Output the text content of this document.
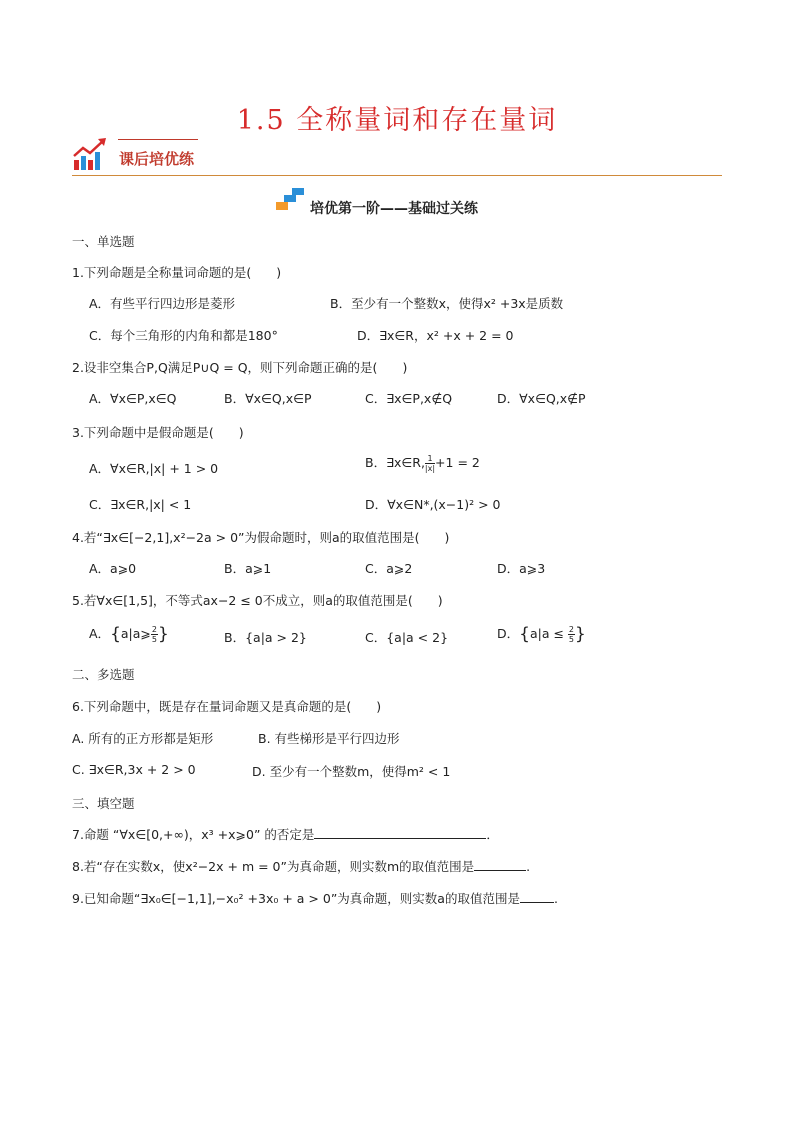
1.5 全称量词和存在量词
课后培优练
培优第一阶——基础过关练
一、单选题
1.下列命题是全称量词命题的是(　　)
A．有些平行四边形是菱形	B．至少有一个整数x，使得x² +3x是质数
C．每个三角形的内角和都是180°	D．∃x∈R，x² +x + 2 = 0
2.设非空集合P,Q满足P∪Q = Q，则下列命题正确的是(　　)
A．∀x∈P,x∈Q	B．∀x∈Q,x∈P	C．∃x∈P,x∉Q	D．∀x∈Q,x∉P
3.下列命题中是假命题是(　　)
A．∀x∈R,|x| + 1 > 0	B．∃x∈R, $\frac{1}{|x|} +1 = 2$
C．∃x∈R,|x| < 1	D．∀x∈N*,(x−1)² > 0
4.若“∃x∈[−2,1],x²−2a > 0”为假命题时，则a的取值范围是(　　)
A．a⩾0	B．a⩾1	C．a⩾2	D．a⩾3
5.若∀x∈[1,5]，不等式ax−2 ≤ 0不成立，则a的取值范围是(　　)
A．{a|a⩾ $\frac{2}{5}$ }	B．{a|a > 2}	C．{a|a < 2}	D．{$a|a \le \frac{2}{5}$ }
二、多选题
6.下列命题中，既是存在量词命题又是真命题的是(　　)
A. 所有的正方形都是矩形	B. 有些梯形是平行四边形
C. ∃x∈R,3x + 2 > 0	D. 至少有一个整数m，使得m² < 1
三、填空题
7.命题 “∀x∈[0,+∞)，x³ +x⩾0” 的否定是	．
8.若“存在实数x，使x²−2x + m = 0”为真命题，则实数m的取值范围是	.
9.已知命题“∃x₀∈[−1,1],−x₀² +3x₀ + a > 0”为真命题，则实数a的取值范围是	.
